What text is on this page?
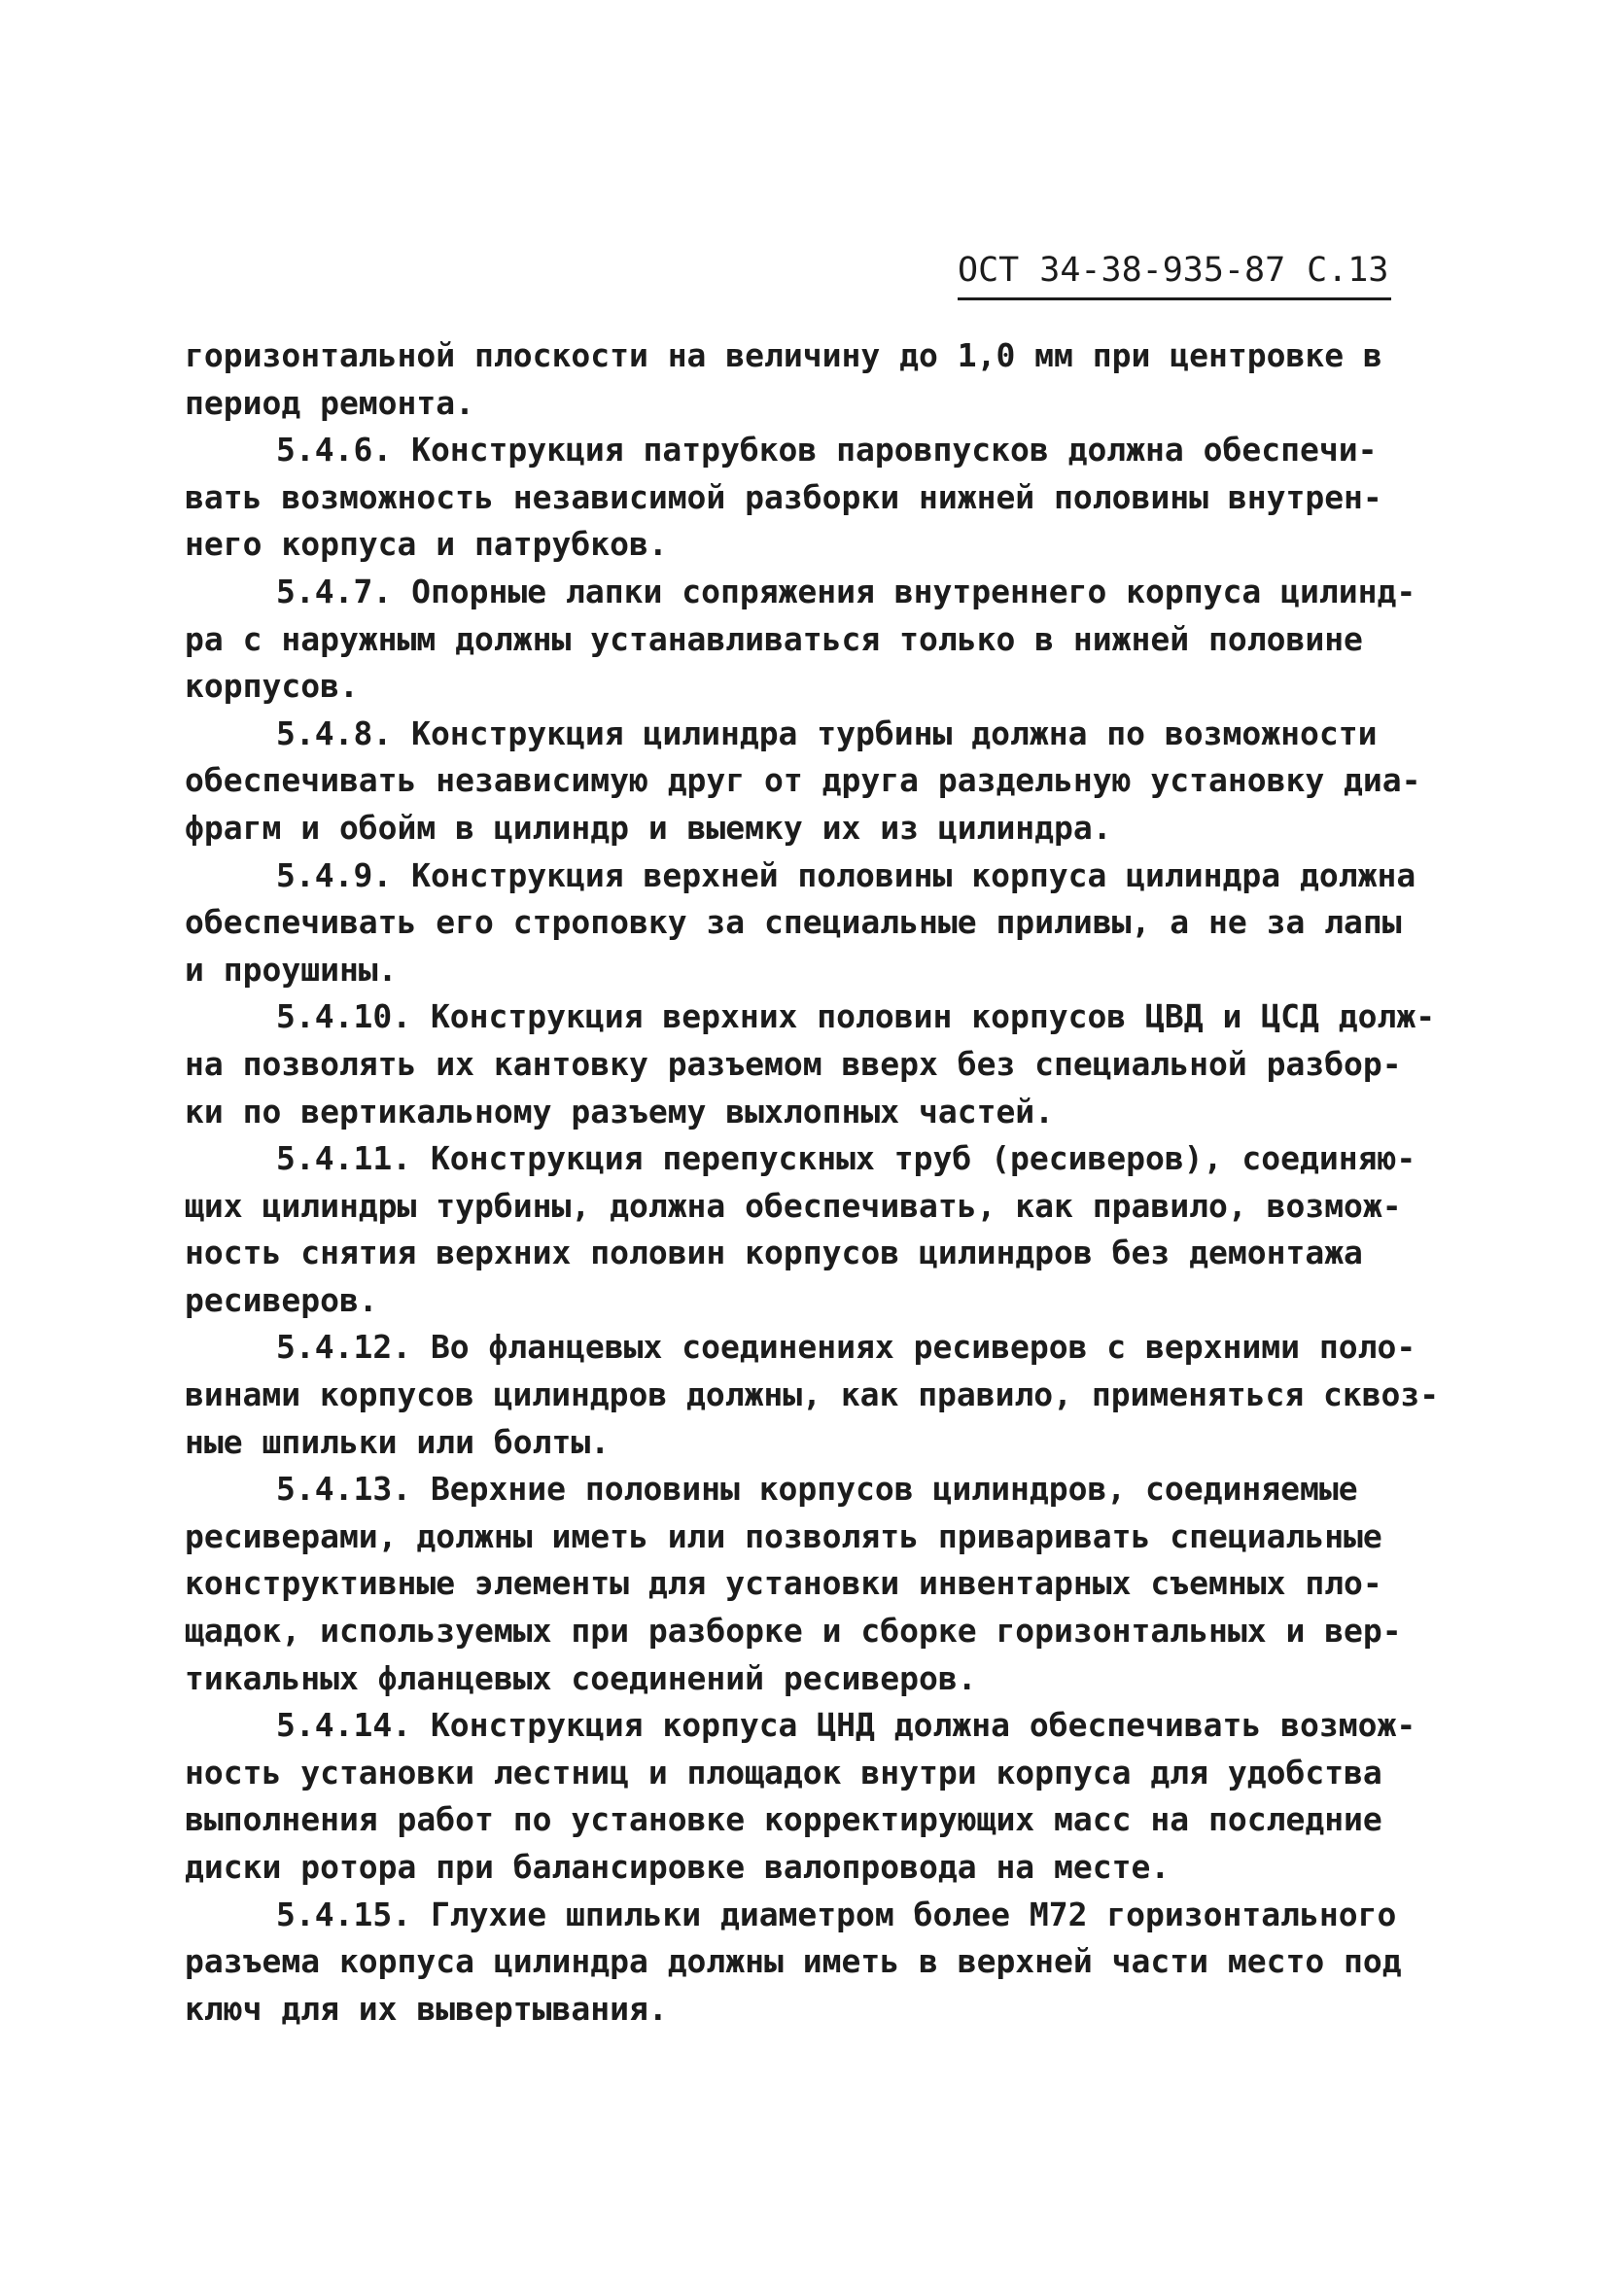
ОСТ 34-38-935-87 С.13
горизонтальной плоскости на величину до 1,0 мм при центровке в
период ремонта.
5.4.6. Конструкция патрубков паровпусков должна обеспечи-
вать возможность независимой разборки нижней половины внутрен-
него корпуса и патрубков.
5.4.7. Опорные лапки сопряжения внутреннего корпуса цилинд-
ра с наружным должны устанавливаться только в нижней половине
корпусов.
5.4.8. Конструкция цилиндра турбины должна по возможности
обеспечивать независимую друг от друга раздельную установку диа-
фрагм и обойм в цилиндр и выемку их из цилиндра.
5.4.9. Конструкция верхней половины корпуса цилиндра должна
обеспечивать его строповку за специальные приливы, а не за лапы
и проушины.
5.4.10. Конструкция верхних половин корпусов ЦВД и ЦСД долж-
на позволять их кантовку разъемом вверх без специальной разбор-
ки по вертикальному разъему выхлопных частей.
5.4.11. Конструкция перепускных труб (ресиверов), соединяю-
щих цилиндры турбины, должна обеспечивать, как правило, возмож-
ность снятия верхних половин корпусов цилиндров без демонтажа
ресиверов.
5.4.12. Во фланцевых соединениях ресиверов с верхними поло-
винами корпусов цилиндров должны, как правило, применяться сквоз-
ные шпильки или болты.
5.4.13. Верхние половины корпусов цилиндров, соединяемые
ресиверами, должны иметь или позволять приваривать специальные
конструктивные элементы для установки инвентарных съемных пло-
щадок, используемых при разборке и сборке горизонтальных и вер-
тикальных фланцевых соединений ресиверов.
5.4.14. Конструкция корпуса ЦНД должна обеспечивать возмож-
ность установки лестниц и площадок внутри корпуса для удобства
выполнения работ по установке корректирующих масс на последние
диски ротора при балансировке валопровода на месте.
5.4.15. Глухие шпильки диаметром более М72 горизонтального
разъема корпуса цилиндра должны иметь в верхней части место под
ключ для их вывертывания.
